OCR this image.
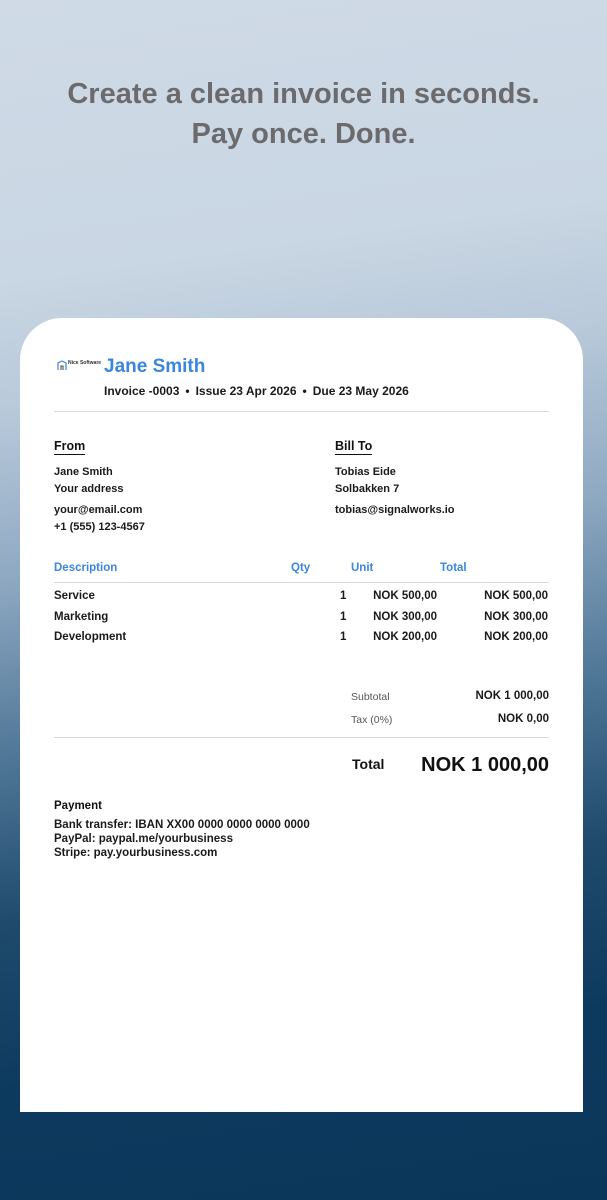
Create a clean invoice in seconds.
Pay once. Done.
Nice Software Jane Smith
Invoice -0003 • Issue 23 Apr 2026 • Due 23 May 2026
From
Jane Smith
Your address
your@email.com
+1 (555) 123-4567
Bill To
Tobias Eide
Solbakken 7
tobias@signalworks.io
Description	Qty	Unit	Total
Service	1 NOK 500,00	NOK 500,00
Marketing	1 NOK 300,00	NOK 300,00
Development	1 NOK 200,00	NOK 200,00
Subtotal	NOK 1 000,00
Tax (0%)	NOK 0,00
Total NOK 1 000,00
Payment
Bank transfer: IBAN XX00 0000 0000 0000 0000
PayPal: paypal.me/yourbusiness
Stripe: pay.yourbusiness.com
